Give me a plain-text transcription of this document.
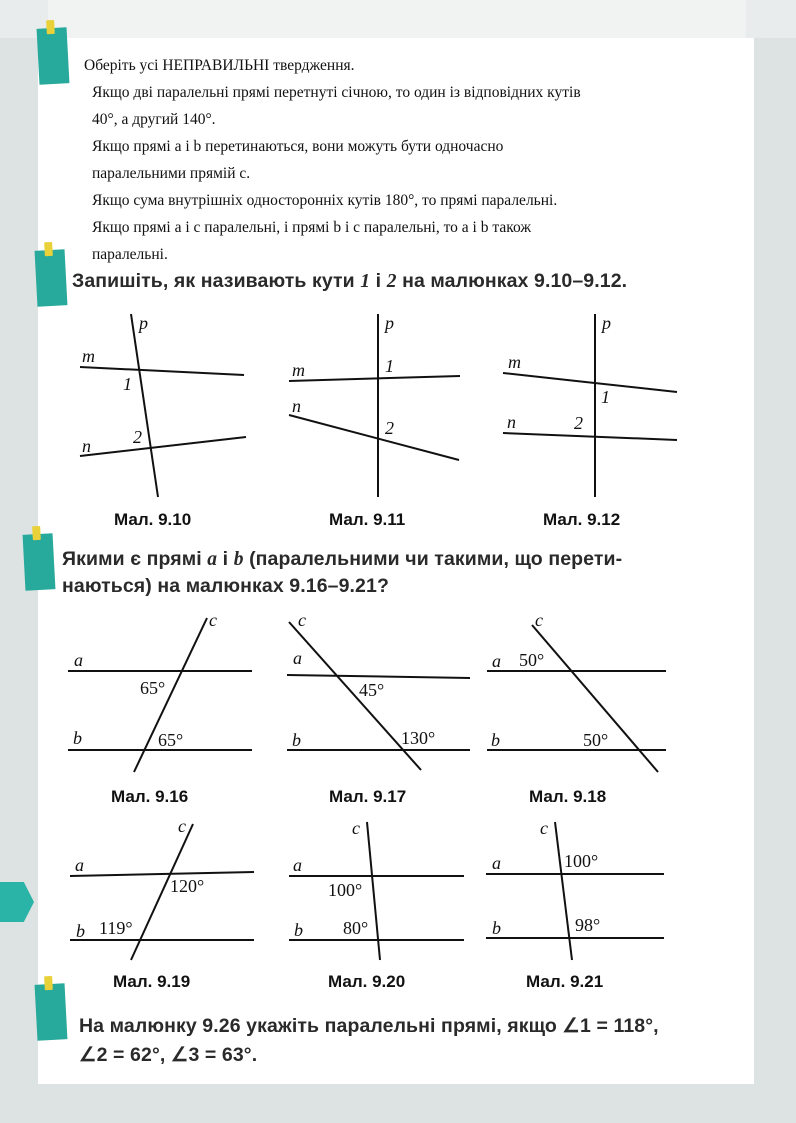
Оберіть усі НЕПРАВИЛЬНІ твердження.
Якщо дві паралельні прямі перетнуті січною, то один із відповідних кутів
40°, а другий 140°.
Якщо прямі a і b перетинаються, вони можуть бути одночасно
паралельними прямій c.
Якщо сума внутрішніх односторонніх кутів 180°, то прямі паралельні.
Якщо прямі a і c паралельні, і прямі b і c паралельні, то a і b також
паралельні.
Запишіть, як називають кути 1 і 2 на малюнках 9.10–9.12.
p
m
n
1
2
Мал. 9.10
p
m
n
1
2
Мал. 9.11
p
m
n
1
2
Мал. 9.12
Якими є прямі a і b (паралельними чи такими, що перети-
наються) на малюнках 9.16–9.21?
c
a
b
65°
65°
Мал. 9.16
c
a
b
45°
130°
Мал. 9.17
c
a
b
50°
50°
Мал. 9.18
c
a
b
120°
119°
Мал. 9.19
c
a
b
100°
80°
Мал. 9.20
c
a
b
100°
98°
Мал. 9.21
На малюнку 9.26 укажіть паралельні прямі, якщо ∠1 = 118°,
∠2 = 62°, ∠3 = 63°.
